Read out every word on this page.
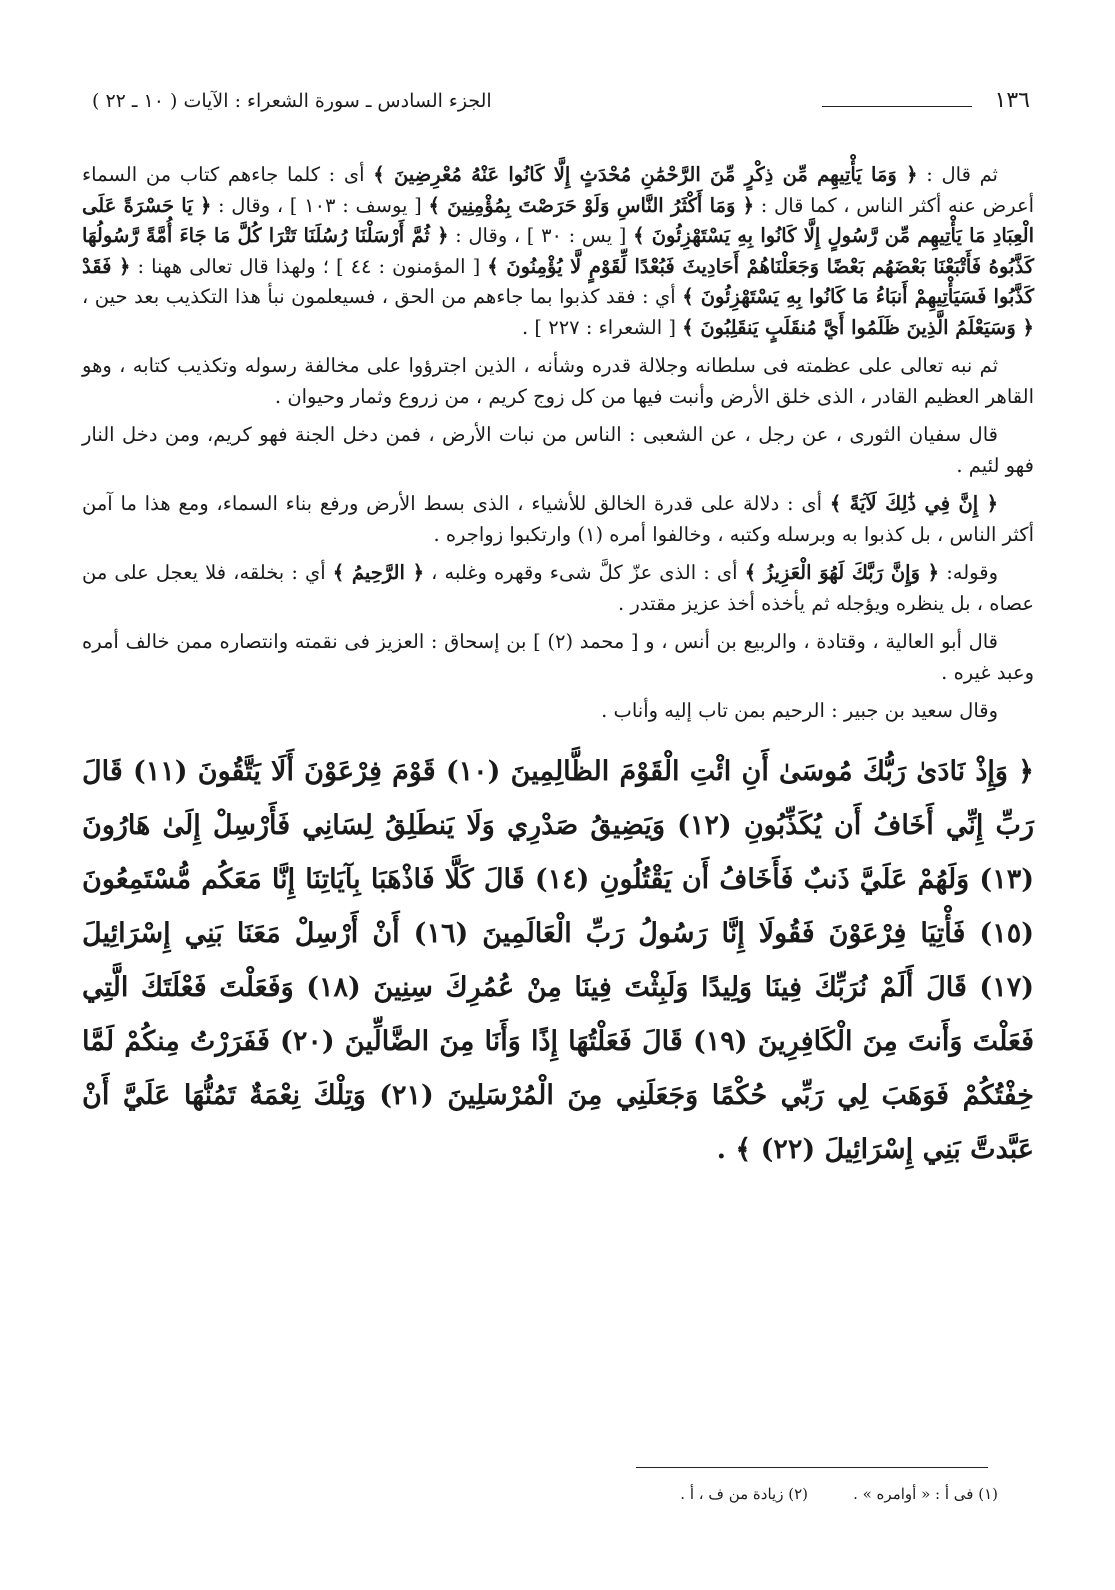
١٣٦
الجزء السادس ـ سورة الشعراء : الآيات ( ١٠ ـ ٢٢ )

ثم قال : ﴿ وَمَا يَأْتِيهِم مِّن ذِكْرٍ مِّنَ الرَّحْمَٰنِ مُحْدَثٍ إِلَّا كَانُوا عَنْهُ مُعْرِضِينَ ﴾ أى : كلما جاءهم كتاب من السماء أعرض عنه أكثر الناس ، كما قال : ﴿ وَمَا أَكْثَرُ النَّاسِ وَلَوْ حَرَصْتَ بِمُؤْمِنِينَ ﴾ [ يوسف : ١٠٣ ] ، وقال : ﴿ يَا حَسْرَةً عَلَى الْعِبَادِ مَا يَأْتِيهِم مِّن رَّسُولٍ إِلَّا كَانُوا بِهِ يَسْتَهْزِئُونَ ﴾ [ يس : ٣٠ ] ، وقال : ﴿ ثُمَّ أَرْسَلْنَا رُسُلَنَا تَتْرَا كُلَّ مَا جَاءَ أُمَّةً رَّسُولُهَا كَذَّبُوهُ فَأَتْبَعْنَا بَعْضَهُم بَعْضًا وَجَعَلْنَاهُمْ أَحَادِيثَ فَبُعْدًا لِّقَوْمٍ لَّا يُؤْمِنُونَ ﴾ [ المؤمنون : ٤٤ ] ؛ ولهذا قال تعالى ههنا : ﴿ فَقَدْ كَذَّبُوا فَسَيَأْتِيهِمْ أَنبَاءُ مَا كَانُوا بِهِ يَسْتَهْزِئُونَ ﴾ أي : فقد كذبوا بما جاءهم من الحق ، فسيعلمون نبأ هذا التكذيب بعد حين ، ﴿ وَسَيَعْلَمُ الَّذِينَ ظَلَمُوا أَيَّ مُنقَلَبٍ يَنقَلِبُونَ ﴾ [ الشعراء : ٢٢٧ ] .

ثم نبه تعالى على عظمته فى سلطانه وجلالة قدره وشأنه ، الذين اجترؤوا على مخالفة رسوله وتكذيب كتابه ، وهو القاهر العظيم القادر ، الذى خلق الأرض وأنبت فيها من كل زوج كريم ، من زروع وثمار وحيوان .

قال سفيان الثورى ، عن رجل ، عن الشعبى : الناس من نبات الأرض ، فمن دخل الجنة فهو كريم، ومن دخل النار فهو لئيم .

﴿ إِنَّ فِي ذَٰلِكَ لَآيَةً ﴾ أى : دلالة على قدرة الخالق للأشياء ، الذى بسط الأرض ورفع بناء السماء، ومع هذا ما آمن أكثر الناس ، بل كذبوا به وبرسله وكتبه ، وخالفوا أمره (١) وارتكبوا زواجره .

وقوله: ﴿ وَإِنَّ رَبَّكَ لَهُوَ الْعَزِيزُ ﴾ أى : الذى عزّ كلَّ شىء وقهره وغلبه ، ﴿ الرَّحِيمُ ﴾ أي : بخلقه، فلا يعجل على من عصاه ، بل ينظره ويؤجله ثم يأخذه أخذ عزيز مقتدر .

قال أبو العالية ، وقتادة ، والربيع بن أنس ، و [ محمد (٢) ] بن إسحاق : العزيز فى نقمته وانتصاره ممن خالف أمره وعبد غيره .

وقال سعيد بن جبير : الرحيم بمن تاب إليه وأناب .

﴿ وَإِذْ نَادَىٰ رَبُّكَ مُوسَىٰ أَنِ ائْتِ الْقَوْمَ الظَّالِمِينَ (١٠) قَوْمَ فِرْعَوْنَ أَلَا يَتَّقُونَ (١١) قَالَ رَبِّ إِنِّي أَخَافُ أَن يُكَذِّبُونِ (١٢) وَيَضِيقُ صَدْرِي وَلَا يَنطَلِقُ لِسَانِي فَأَرْسِلْ إِلَىٰ هَارُونَ (١٣) وَلَهُمْ عَلَيَّ ذَنبٌ فَأَخَافُ أَن يَقْتُلُونِ (١٤) قَالَ كَلَّا فَاذْهَبَا بِآيَاتِنَا إِنَّا مَعَكُم مُّسْتَمِعُونَ (١٥) فَأْتِيَا فِرْعَوْنَ فَقُولَا إِنَّا رَسُولُ رَبِّ الْعَالَمِينَ (١٦) أَنْ أَرْسِلْ مَعَنَا بَنِي إِسْرَائِيلَ (١٧) قَالَ أَلَمْ نُرَبِّكَ فِينَا وَلِيدًا وَلَبِثْتَ فِينَا مِنْ عُمُرِكَ سِنِينَ (١٨) وَفَعَلْتَ فَعْلَتَكَ الَّتِي فَعَلْتَ وَأَنتَ مِنَ الْكَافِرِينَ (١٩) قَالَ فَعَلْتُهَا إِذًا وَأَنَا مِنَ الضَّالِّينَ (٢٠) فَفَرَرْتُ مِنكُمْ لَمَّا خِفْتُكُمْ فَوَهَبَ لِي رَبِّي حُكْمًا وَجَعَلَنِي مِنَ الْمُرْسَلِينَ (٢١) وَتِلْكَ نِعْمَةٌ تَمُنُّهَا عَلَيَّ أَنْ عَبَّدتَّ بَنِي إِسْرَائِيلَ (٢٢) ﴾ .
(١) فى أ : « أوامره » .
(٢) زيادة من ف ، أ .
